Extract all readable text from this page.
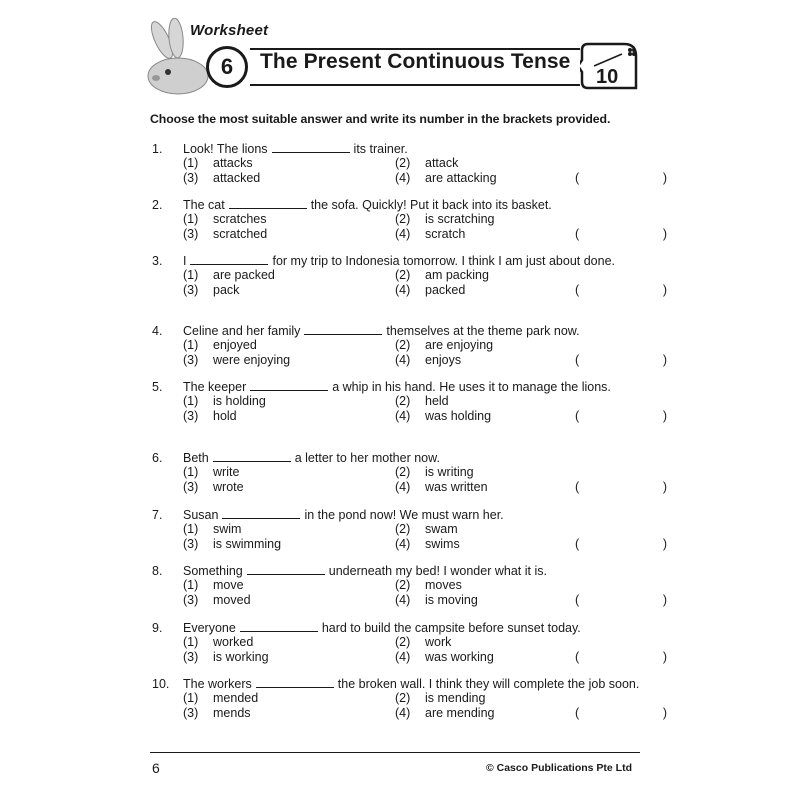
Worksheet
6	The Present Continuous Tense
10
Choose the most suitable answer and write its number in the brackets provided.
1. Look! The lions	its trainer.
(1) attacks	(2) attack
(3) attacked	(4) are attacking	(	)
2. The cat	the sofa. Quickly! Put it back into its basket.
(1) scratches	(2) is scratching
(3) scratched	(4) scratch	(	)
3. I	for my trip to Indonesia tomorrow. I think I am just about done.
(1) are packed	(2) am packing
(3) pack	(4) packed	(	)
4. Celine and her family	themselves at the theme park now.
(1) enjoyed	(2) are enjoying
(3) were enjoying	(4) enjoys	(	)
5. The keeper	a whip in his hand. He uses it to manage the lions.
(1) is holding	(2) held
(3) hold	(4) was holding	(	)
6. Beth	a letter to her mother now.
(1) write	(2) is writing
(3) wrote	(4) was written	(	)
7. Susan	in the pond now! We must warn her.
(1) swim	(2) swam
(3) is swimming	(4) swims	(	)
8. Something	underneath my bed! I wonder what it is.
(1) move	(2) moves
(3) moved	(4) is moving	(	)
9. Everyone	hard to build the campsite before sunset today.
(1) worked	(2) work
(3) is working	(4) was working	(	)
10. The workers	the broken wall. I think they will complete the job soon.
(1) mended	(2) is mending
(3) mends	(4) are mending	(	)
6	© Casco Publications Pte Ltd
